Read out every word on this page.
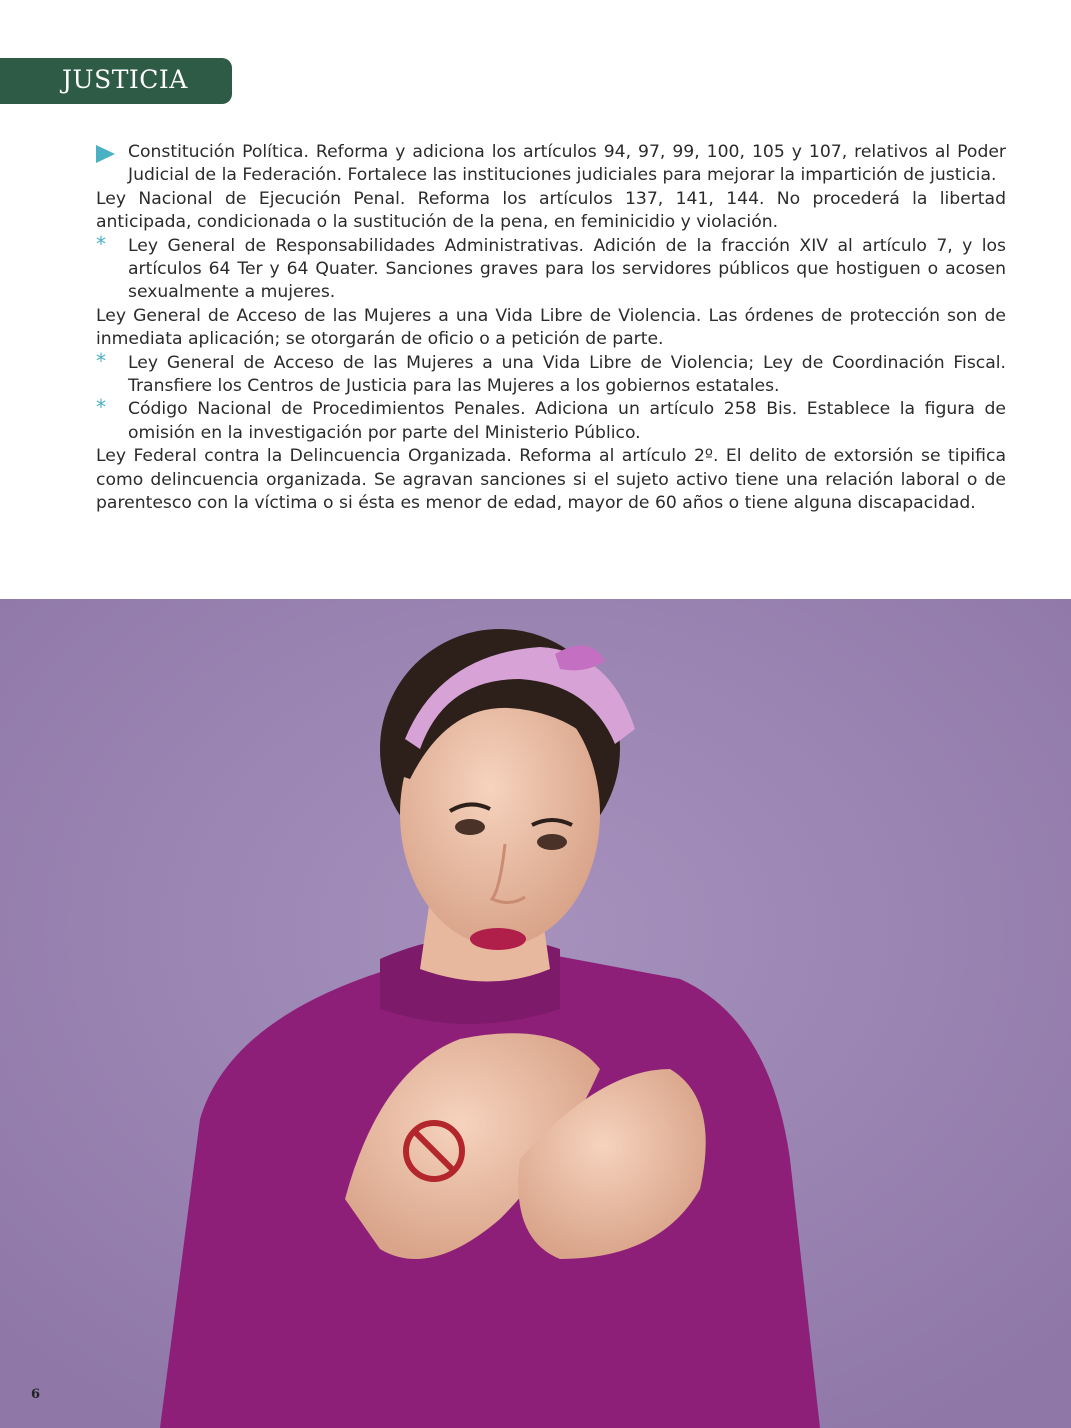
JUSTICIA

Constitución Política. Reforma y adiciona los artículos 94, 97, 99, 100, 105 y 107, relativos al Poder Judicial de la Federación. Fortalece las instituciones judiciales para mejorar la impartición de justicia.

Ley Nacional de Ejecución Penal. Reforma los artículos 137, 141, 144. No procederá la libertad anticipada, condicionada o la sustitución de la pena, en feminicidio y violación.

* Ley General de Responsabilidades Administrativas. Adición de la fracción XIV al artículo 7, y los artículos 64 Ter y 64 Quater. Sanciones graves para los servidores públicos que hostiguen o acosen sexualmente a mujeres.

Ley General de Acceso de las Mujeres a una Vida Libre de Violencia. Las órdenes de protección son de inmediata aplicación; se otorgarán de oficio o a petición de parte.

* Ley General de Acceso de las Mujeres a una Vida Libre de Violencia; Ley de Coordinación Fiscal. Transfiere los Centros de Justicia para las Mujeres a los gobiernos estatales.

* Código Nacional de Procedimientos Penales. Adiciona un artículo 258 Bis. Establece la figura de omisión en la investigación por parte del Ministerio Público.

Ley Federal contra la Delincuencia Organizada. Reforma al artículo 2º. El delito de extorsión se tipifica como delincuencia organizada. Se agravan sanciones si el sujeto activo tiene una relación laboral o de parentesco con la víctima o si ésta es menor de edad, mayor de 60 años o tiene alguna discapacidad.

6
